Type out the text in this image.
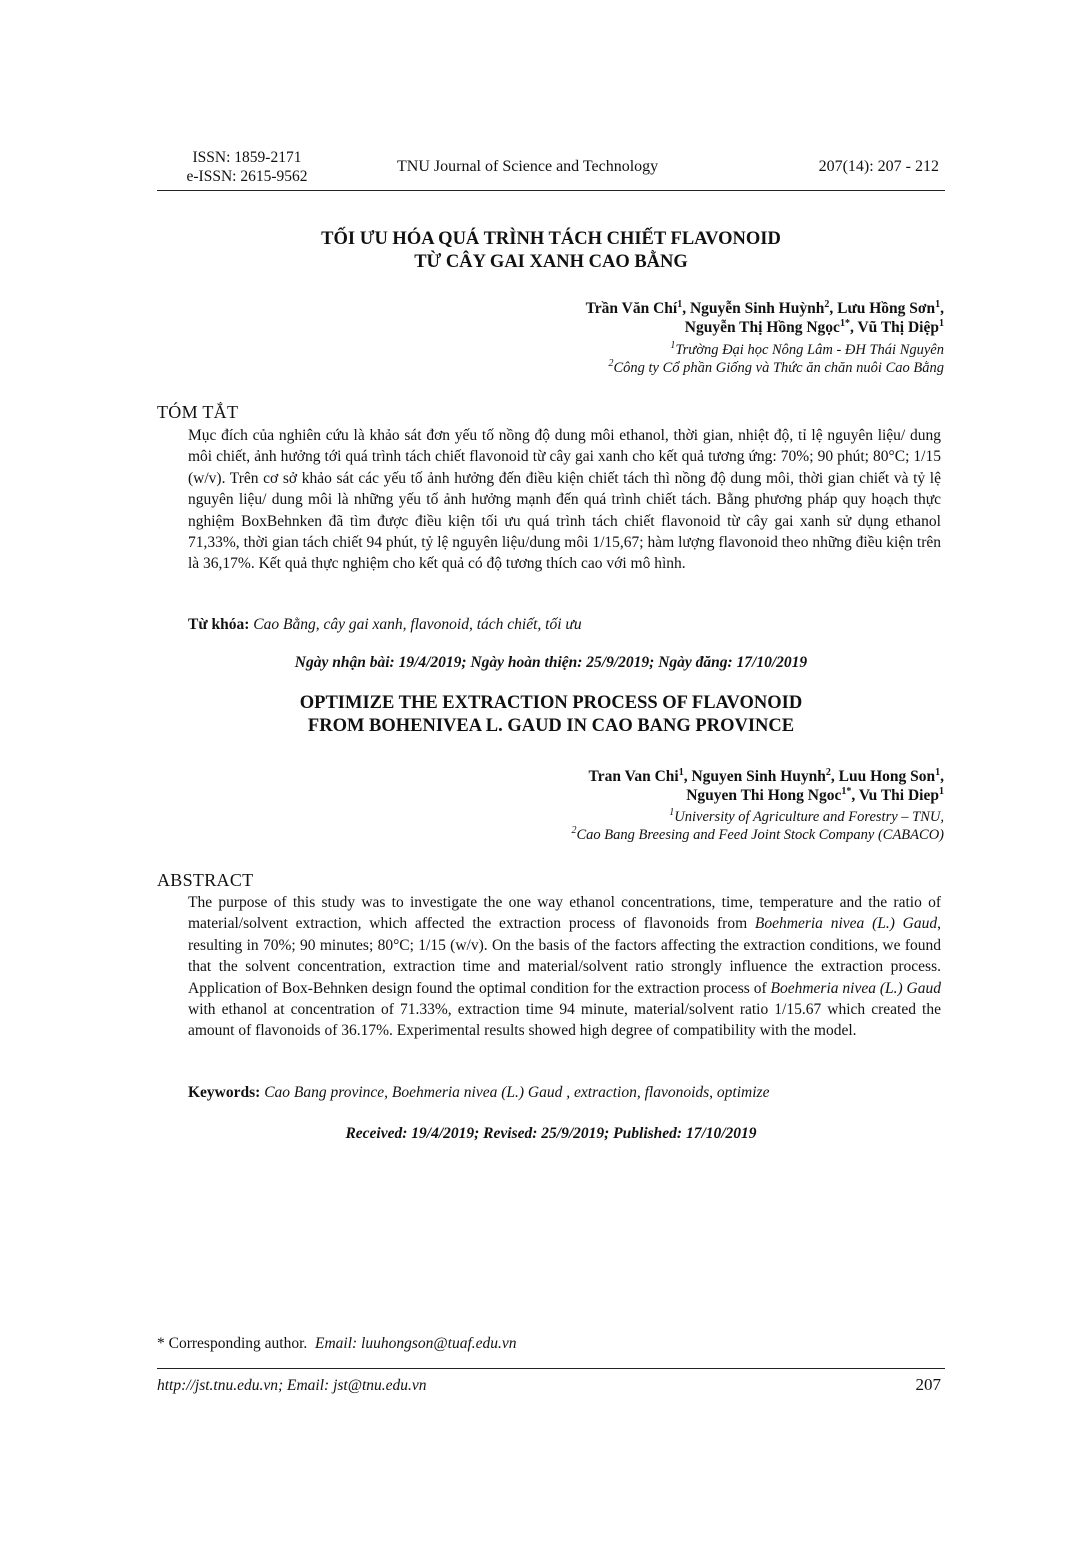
ISSN: 1859-2171
e-ISSN: 2615-9562
TNU Journal of Science and Technology	207(14): 207 - 212
TỐI ƯU HÓA QUÁ TRÌNH TÁCH CHIẾT FLAVONOID
TỪ CÂY GAI XANH CAO BẰNG
Trần Văn Chí$^1$, Nguyễn Sinh Huỳnh$^2$, Lưu Hồng Sơn$^1$,
Nguyễn Thị Hồng Ngọc$^{1*}$, Vũ Thị Diệp$^1$
$^1$Trường Đại học Nông Lâm - ĐH Thái Nguyên
$^2$Công ty Cổ phần Giống và Thức ăn chăn nuôi Cao Bằng
TÓM TẮT
Mục đích của nghiên cứu là khảo sát đơn yếu tố nồng độ dung môi ethanol, thời gian, nhiệt độ, tỉ lệ nguyên liệu/ dung môi chiết, ảnh hưởng tới quá trình tách chiết flavonoid từ cây gai xanh cho kết quả tương ứng: 70%; 90 phút; 80°C; 1/15 (w/v). Trên cơ sở khảo sát các yếu tố ảnh hưởng đến điều kiện chiết tách thì nồng độ dung môi, thời gian chiết và tỷ lệ nguyên liệu/ dung môi là những yếu tố ảnh hưởng mạnh đến quá trình chiết tách. Bằng phương pháp quy hoạch thực nghiệm BoxBehnken đã tìm được điều kiện tối ưu quá trình tách chiết flavonoid từ cây gai xanh sử dụng ethanol 71,33%, thời gian tách chiết 94 phút, tỷ lệ nguyên liệu/dung môi 1/15,67; hàm lượng flavonoid theo những điều kiện trên là 36,17%. Kết quả thực nghiệm cho kết quả có độ tương thích cao với mô hình.
Từ khóa: Cao Bằng, cây gai xanh, flavonoid, tách chiết, tối ưu
Ngày nhận bài: 19/4/2019; Ngày hoàn thiện: 25/9/2019; Ngày đăng: 17/10/2019
OPTIMIZE THE EXTRACTION PROCESS OF FLAVONOID
FROM BOHENIVEA L. GAUD IN CAO BANG PROVINCE
Tran Van Chi$^1$, Nguyen Sinh Huynh$^2$, Luu Hong Son$^1$,
Nguyen Thi Hong Ngoc$^{1*}$, Vu Thi Diep$^1$
$^1$University of Agriculture and Forestry – TNU,
$^2$Cao Bang Breesing and Feed Joint Stock Company (CABACO)
ABSTRACT
The purpose of this study was to investigate the one way ethanol concentrations, time, temperature and the ratio of material/solvent extraction, which affected the extraction process of flavonoids from Boehmeria nivea (L.) Gaud, resulting in 70%; 90 minutes; 80°C; 1/15 (w/v). On the basis of the factors affecting the extraction conditions, we found that the solvent concentration, extraction time and material/solvent ratio strongly influence the extraction process. Application of Box-Behnken design found the optimal condition for the extraction process of Boehmeria nivea (L.) Gaud with ethanol at concentration of 71.33%, extraction time 94 minute, material/solvent ratio 1/15.67 which created the amount of flavonoids of 36.17%. Experimental results showed high degree of compatibility with the model.
Keywords: Cao Bang province, Boehmeria nivea (L.) Gaud , extraction, flavonoids, optimize
Received: 19/4/2019; Revised: 25/9/2019; Published: 17/10/2019
* Corresponding author. Email: luuhongson@tuaf.edu.vn
http://jst.tnu.edu.vn; Email: jst@tnu.edu.vn	207
